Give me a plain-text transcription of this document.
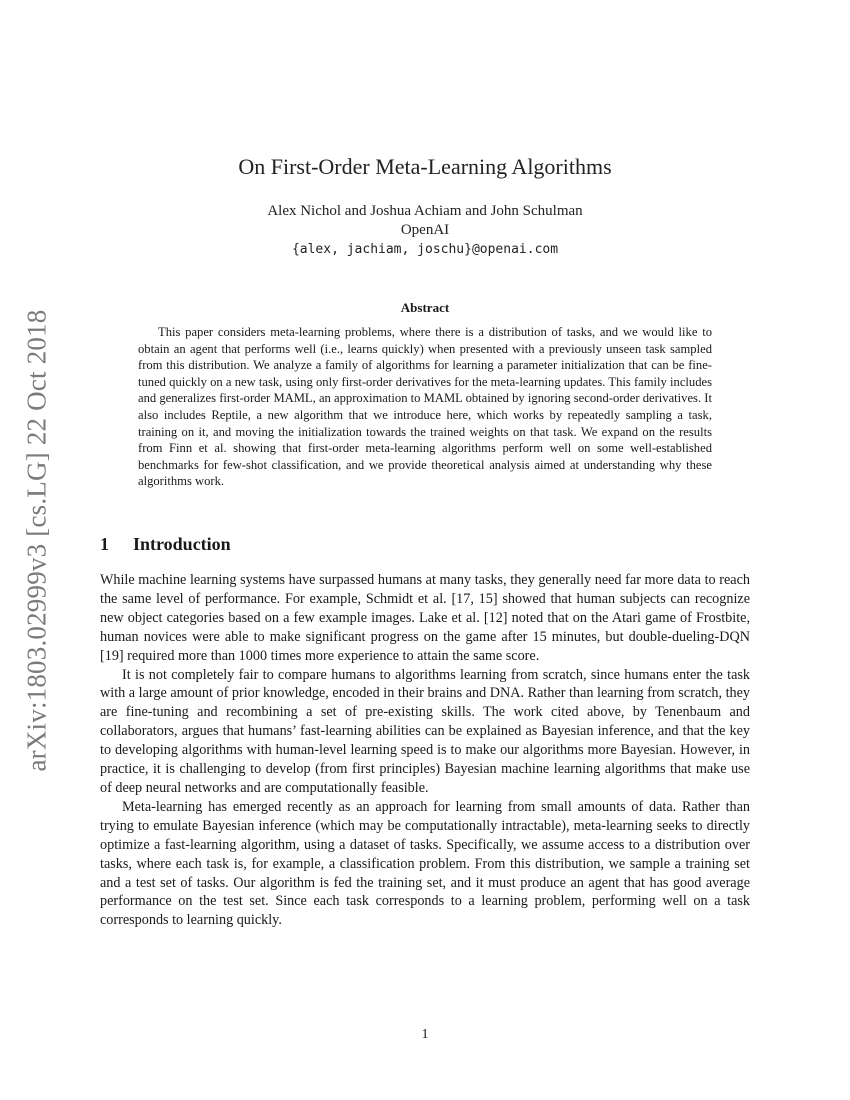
arXiv:1803.02999v3 [cs.LG] 22 Oct 2018
On First-Order Meta-Learning Algorithms
Alex Nichol and Joshua Achiam and John Schulman
OpenAI
{alex, jachiam, joschu}@openai.com
Abstract

This paper considers meta-learning problems, where there is a distribution of tasks, and we would like to obtain an agent that performs well (i.e., learns quickly) when presented with a previously unseen task sampled from this distribution. We analyze a family of algorithms for learning a parameter initialization that can be fine-tuned quickly on a new task, using only first-order derivatives for the meta-learning updates. This family includes and generalizes first-order MAML, an approximation to MAML obtained by ignoring second-order derivatives. It also includes Reptile, a new algorithm that we introduce here, which works by repeatedly sampling a task, training on it, and moving the initialization towards the trained weights on that task. We expand on the results from Finn et al. showing that first-order meta-learning algorithms perform well on some well-established benchmarks for few-shot classification, and we provide theoretical analysis aimed at understanding why these algorithms work.

1 Introduction

While machine learning systems have surpassed humans at many tasks, they generally need far more data to reach the same level of performance. For example, Schmidt et al. [17, 15] showed that human subjects can recognize new object categories based on a few example images. Lake et al. [12] noted that on the Atari game of Frostbite, human novices were able to make significant progress on the game after 15 minutes, but double-dueling-DQN [19] required more than 1000 times more experience to attain the same score.

It is not completely fair to compare humans to algorithms learning from scratch, since humans enter the task with a large amount of prior knowledge, encoded in their brains and DNA. Rather than learning from scratch, they are fine-tuning and recombining a set of pre-existing skills. The work cited above, by Tenenbaum and collaborators, argues that humans’ fast-learning abilities can be explained as Bayesian inference, and that the key to developing algorithms with human-level learning speed is to make our algorithms more Bayesian. However, in practice, it is challenging to develop (from first principles) Bayesian machine learning algorithms that make use of deep neural networks and are computationally feasible.

Meta-learning has emerged recently as an approach for learning from small amounts of data. Rather than trying to emulate Bayesian inference (which may be computationally intractable), meta-learning seeks to directly optimize a fast-learning algorithm, using a dataset of tasks. Specifically, we assume access to a distribution over tasks, where each task is, for example, a classification problem. From this distribution, we sample a training set and a test set of tasks. Our algorithm is fed the training set, and it must produce an agent that has good average performance on the test set. Since each task corresponds to a learning problem, performing well on a task corresponds to learning quickly.

1
